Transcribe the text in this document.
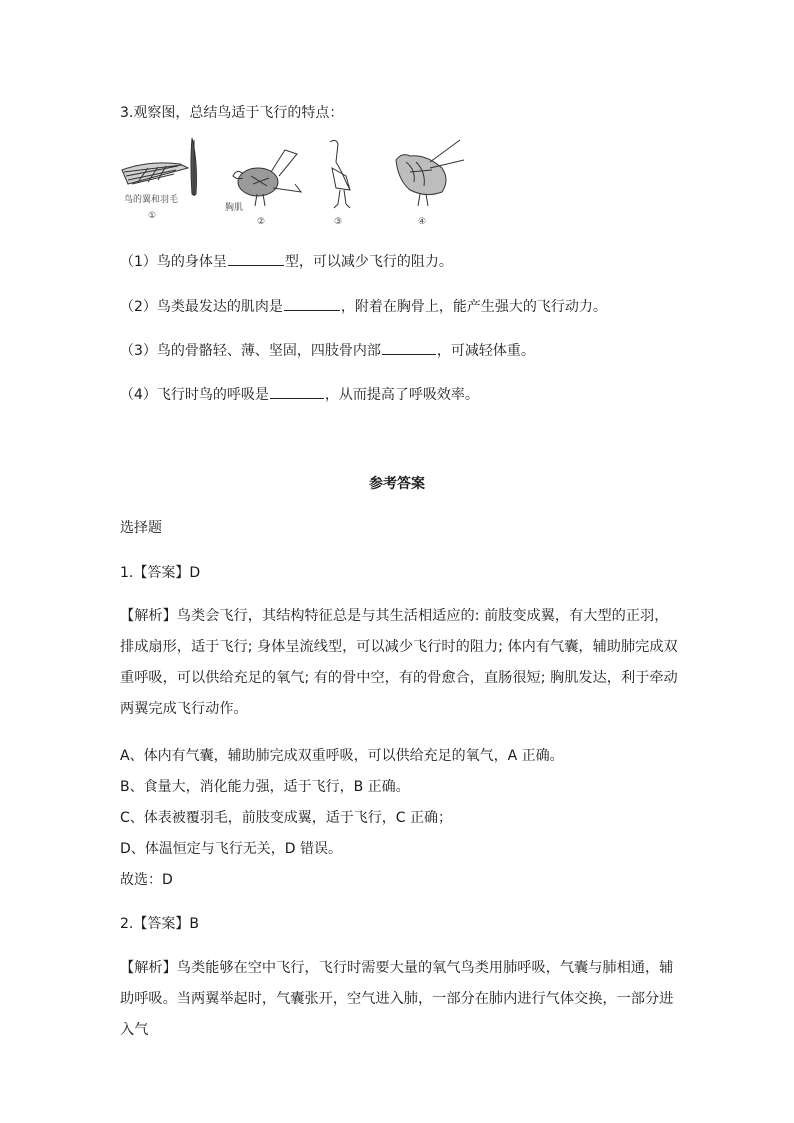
3.观察图，总结鸟适于飞行的特点：
鸟的翼和羽毛
①
胸肌
②	③	④
（1）鸟的身体呈	型，可以减少飞行的阻力。
（2）鸟类最发达的肌肉是	，附着在胸骨上，能产生强大的飞行动力。
（3）鸟的骨骼轻、薄、坚固，四肢骨内部	，可减轻体重。
（4）飞行时鸟的呼吸是	，从而提高了呼吸效率。
参考答案
选择题
1.【答案】D
【解析】鸟类会飞行，其结构特征总是与其生活相适应的: 前肢变成翼，有大型的正羽，排成扇形，适于飞行; 身体呈流线型，可以减少飞行时的阻力; 体内有气囊，辅助肺完成双重呼吸，可以供给充足的氧气; 有的骨中空，有的骨愈合，直肠很短; 胸肌发达，利于牵动两翼完成飞行动作。
A、体内有气囊，辅助肺完成双重呼吸，可以供给充足的氧气，A 正确。
B、食量大，消化能力强，适于飞行，B 正确。
C、体表被覆羽毛，前肢变成翼，适于飞行，C 正确；
D、体温恒定与飞行无关，D 错误。
故选：D
2.【答案】B
【解析】鸟类能够在空中飞行，飞行时需要大量的氧气鸟类用肺呼吸，气囊与肺相通，辅助呼吸。当两翼举起时，气囊张开，空气进入肺，一部分在肺内进行气体交换，一部分进入气
